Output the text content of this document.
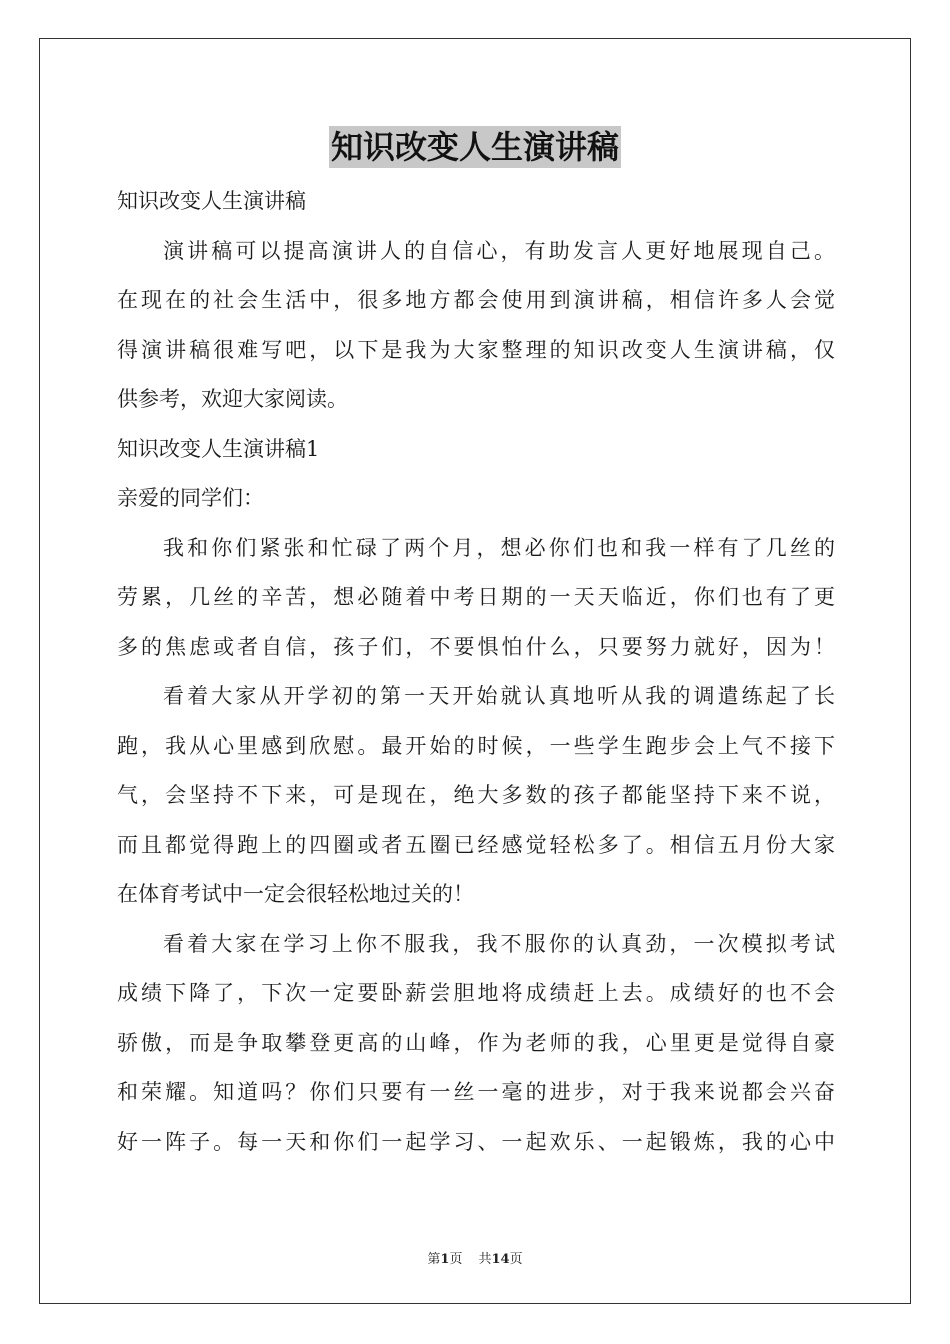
知识改变人生演讲稿
知识改变人生演讲稿
演讲稿可以提高演讲人的自信心，有助发言人更好地展现自己。
在现在的社会生活中，很多地方都会使用到演讲稿，相信许多人会觉
得演讲稿很难写吧，以下是我为大家整理的知识改变人生演讲稿，仅
供参考，欢迎大家阅读。
知识改变人生演讲稿1
亲爱的同学们：
我和你们紧张和忙碌了两个月，想必你们也和我一样有了几丝的
劳累，几丝的辛苦，想必随着中考日期的一天天临近，你们也有了更
多的焦虑或者自信，孩子们，不要惧怕什么，只要努力就好，因为！
看着大家从开学初的第一天开始就认真地听从我的调遣练起了长
跑，我从心里感到欣慰。最开始的时候，一些学生跑步会上气不接下
气，会坚持不下来，可是现在，绝大多数的孩子都能坚持下来不说，
而且都觉得跑上的四圈或者五圈已经感觉轻松多了。相信五月份大家
在体育考试中一定会很轻松地过关的！
看着大家在学习上你不服我，我不服你的认真劲，一次模拟考试
成绩下降了，下次一定要卧薪尝胆地将成绩赶上去。成绩好的也不会
骄傲，而是争取攀登更高的山峰，作为老师的我，心里更是觉得自豪
和荣耀。知道吗？你们只要有一丝一毫的进步，对于我来说都会兴奋
好一阵子。每一天和你们一起学习、一起欢乐、一起锻炼，我的心中
第1页 共14页
